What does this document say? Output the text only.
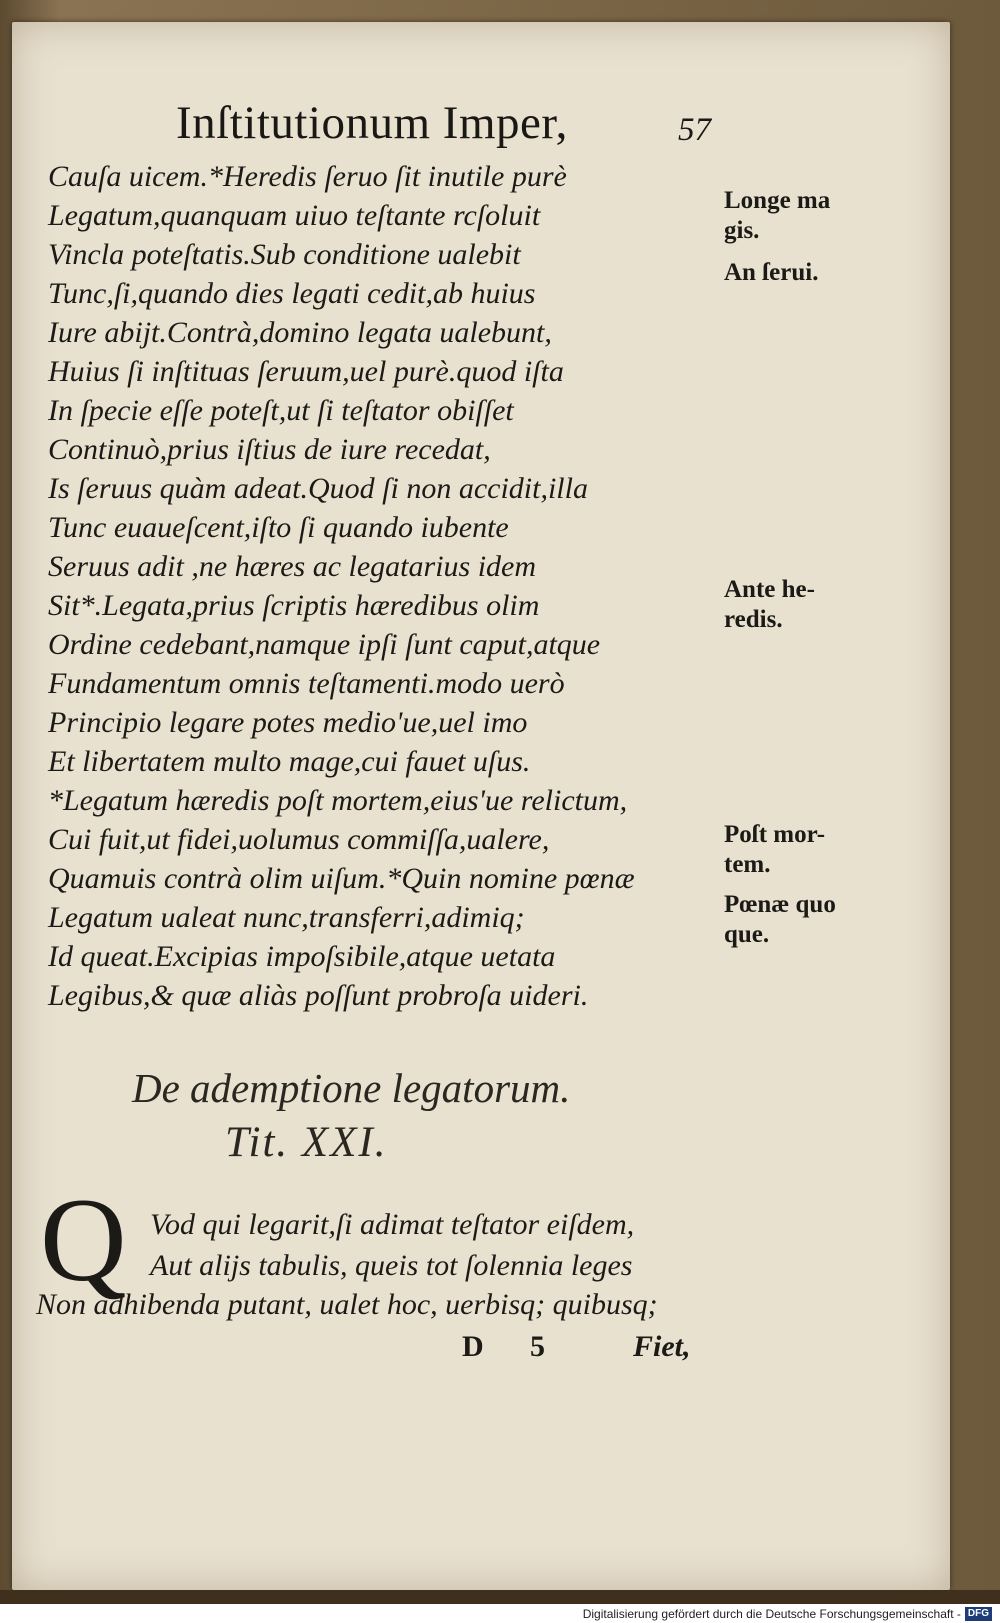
Inſtitutionum Imper,	57
Cauſa uicem.*Heredis ſeruo ſit inutile purè
Legatum,quanquam uiuo teſtante rcſoluit
Vincla poteſtatis.Sub conditione ualebit
Tunc,ſi,quando dies legati cedit,ab huius
Iure abijt.Contrà,domino legata ualebunt,
Huius ſi inſtituas ſeruum,uel purè.quod iſta
In ſpecie eſſe poteſt,ut ſi teſtator obiſſet
Continuò,prius iſtius de iure recedat,
Is ſeruus quàm adeat.Quod ſi non accidit,illa
Tunc euaueſcent,iſto ſi quando iubente
Seruus adit ,ne hæres ac legatarius idem
Sit*.Legata,prius ſcriptis hæredibus olim
Ordine cedebant,namque ipſi ſunt caput,atque
Fundamentum omnis teſtamenti.modo uerò
Principio legare potes medio'ue,uel imo
Et libertatem multo mage,cui fauet uſus.
*Legatum hæredis poſt mortem,eius'ue relictum,
Cui fuit,ut fidei,uolumus commiſſa,ualere,
Quamuis contrà olim uiſum.*Quin nomine pœnæ
Legatum ualeat nunc,transferri,adimiq;
Id queat.Excipias impoſsibile,atque uetata
Legibus,& quæ aliàs poſſunt probroſa uideri.
Longe ma
gis.
An ſerui.
Ante he-
redis.
Poſt mor-
tem.
Pœnæ quo
que.
De ademptione legatorum.
Tit. XXI.
Q Vod qui legarit,ſi adimat teſtator eiſdem,
Aut alijs tabulis, queis tot ſolennia leges
Non adhibenda putant, ualet hoc, uerbisq; quibusq;
D 5	Fiet,
Digitalisierung gefördert durch die Deutsche Forschungsgemeinschaft - DFG
